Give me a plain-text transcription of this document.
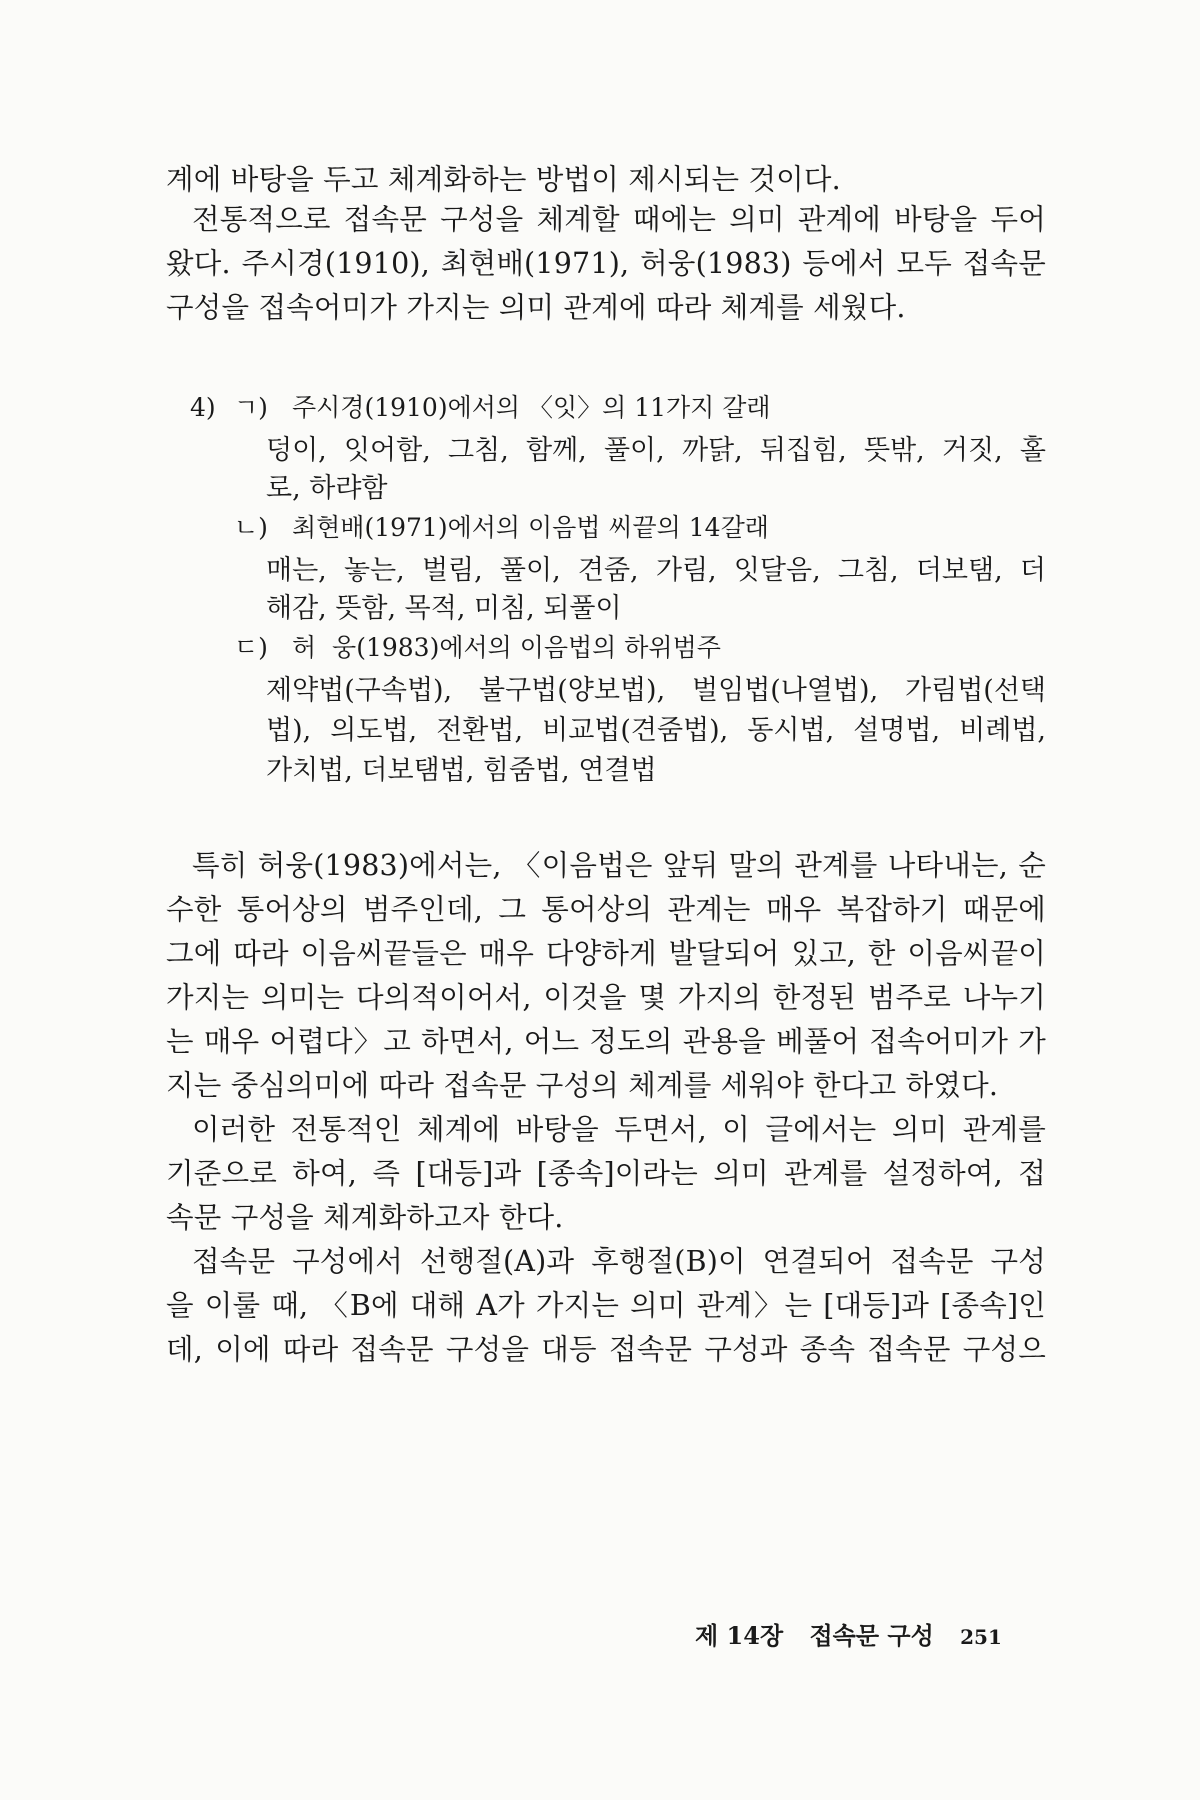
계에 바탕을 두고 체계화하는 방법이 제시되는 것이다.
전통적으로 접속문 구성을 체계할 때에는 의미 관계에 바탕을 두어
왔다. 주시경(1910), 최현배(1971), 허웅(1983) 등에서 모두 접속문
구성을 접속어미가 가지는 의미 관계에 따라 체계를 세웠다.
4) ㄱ) 주시경(1910)에서의 〈잇〉의 11가지 갈래
덩이, 잇어함, 그침, 함께, 풀이, 까닭, 뒤집힘, 뜻밖, 거짓, 홀
로, 하랴함
ㄴ) 최현배(1971)에서의 이음법 씨끝의 14갈래
매는, 놓는, 벌림, 풀이, 견줌, 가림, 잇달음, 그침, 더보탬, 더
해감, 뜻함, 목적, 미침, 되풀이
ㄷ) 허  웅(1983)에서의 이음법의 하위범주
제약법(구속법), 불구법(양보법), 벌임법(나열법), 가림법(선택
법), 의도법, 전환법, 비교법(견줌법), 동시법, 설명법, 비례법,
가치법, 더보탬법, 힘줌법, 연결법
특히 허웅(1983)에서는, 〈이음법은 앞뒤 말의 관계를 나타내는, 순
수한 통어상의 범주인데, 그 통어상의 관계는 매우 복잡하기 때문에
그에 따라 이음씨끝들은 매우 다양하게 발달되어 있고, 한 이음씨끝이
가지는 의미는 다의적이어서, 이것을 몇 가지의 한정된 범주로 나누기
는 매우 어렵다〉고 하면서, 어느 정도의 관용을 베풀어 접속어미가 가
지는 중심의미에 따라 접속문 구성의 체계를 세워야 한다고 하였다.
이러한 전통적인 체계에 바탕을 두면서, 이 글에서는 의미 관계를
기준으로 하여, 즉 [대등]과 [종속]이라는 의미 관계를 설정하여, 접
속문 구성을 체계화하고자 한다.
접속문 구성에서 선행절(A)과 후행절(B)이 연결되어 접속문 구성
을 이룰 때, 〈B에 대해 A가 가지는 의미 관계〉는 [대등]과 [종속]인
데, 이에 따라 접속문 구성을 대등 접속문 구성과 종속 접속문 구성으
제 14장 접속문 구성 251
